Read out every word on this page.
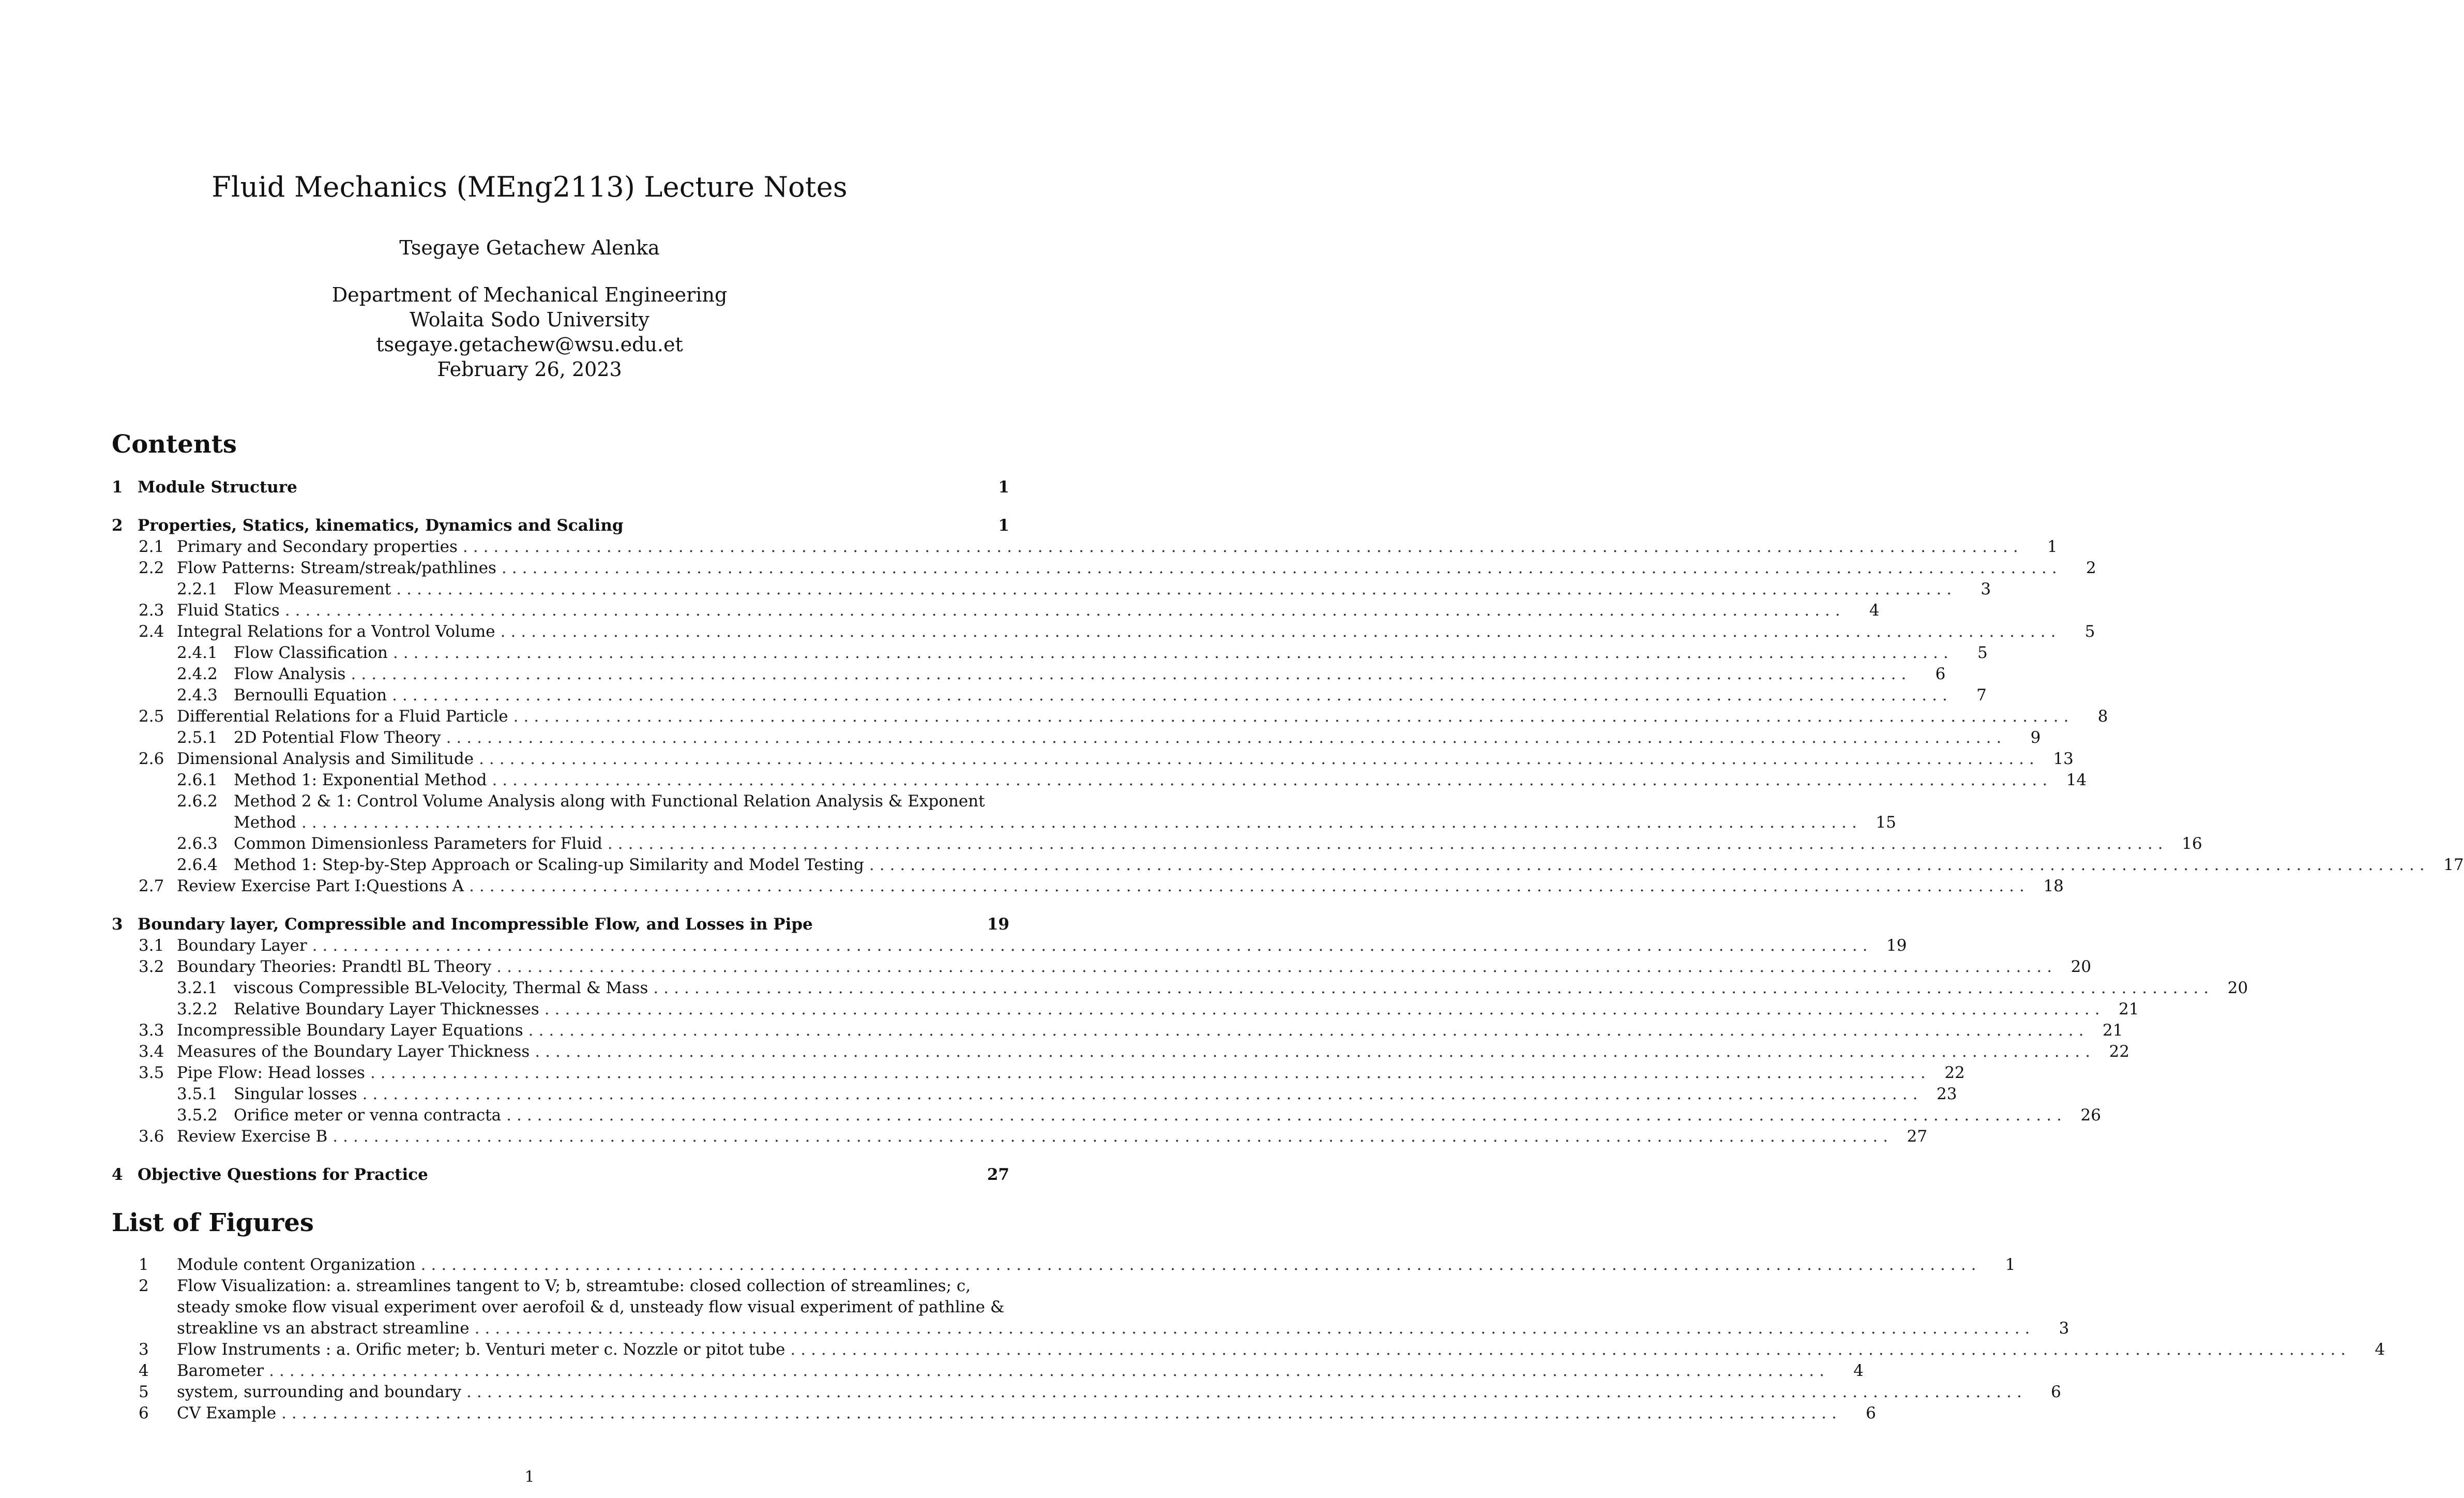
Fluid Mechanics (MEng2113) Lecture Notes
Tsegaye Getachew Alenka
Department of Mechanical Engineering
Wolaita Sodo University
tsegaye.getachew@wsu.edu.et
February 26, 2023
Contents
1 Module Structure	1
2 Properties, Statics, kinematics, Dynamics and Scaling	1
2.1 Primary and Secondary properties ........................................................................................................................................................	1
2.2 Flow Patterns: Stream/streak/pathlines ........................................................................................................................................................	2
2.2.1	Flow Measurement ........................................................................................................................................................	3
2.3 Fluid Statics ........................................................................................................................................................	4
2.4 Integral Relations for a Vontrol Volume ........................................................................................................................................................	5
2.4.1	Flow Classification ........................................................................................................................................................	5
2.4.2	Flow Analysis ........................................................................................................................................................	6
2.4.3	Bernoulli Equation ........................................................................................................................................................	7
2.5 Differential Relations for a Fluid Particle ........................................................................................................................................................	8
2.5.1	2D Potential Flow Theory ........................................................................................................................................................	9
2.6 Dimensional Analysis and Similitude ........................................................................................................................................................ 13
2.6.1	Method 1: Exponential Method ........................................................................................................................................................ 14
2.6.2	Method 2 & 1: Control Volume Analysis along with Functional Relation Analysis & Exponent
Method ........................................................................................................................................................ 15
2.6.3	Common Dimensionless Parameters for Fluid ........................................................................................................................................................ 16
2.6.4	Method 1: Step-by-Step Approach or Scaling-up Similarity and Model Testing ........................................................................................................................................................ 17
2.7 Review Exercise Part I:Questions A ........................................................................................................................................................ 18
3 Boundary layer, Compressible and Incompressible Flow, and Losses in Pipe	19
3.1 Boundary Layer ........................................................................................................................................................ 19
3.2 Boundary Theories: Prandtl BL Theory ........................................................................................................................................................ 20
3.2.1	viscous Compressible BL-Velocity, Thermal & Mass ........................................................................................................................................................ 20
3.2.2	Relative Boundary Layer Thicknesses ........................................................................................................................................................ 21
3.3 Incompressible Boundary Layer Equations ........................................................................................................................................................ 21
3.4 Measures of the Boundary Layer Thickness ........................................................................................................................................................ 22
3.5 Pipe Flow: Head losses ........................................................................................................................................................ 22
3.5.1	Singular losses ........................................................................................................................................................ 23
3.5.2	Orifice meter or venna contracta ........................................................................................................................................................ 26
3.6 Review Exercise B ........................................................................................................................................................ 27
4 Objective Questions for Practice	27
List of Figures
1	Module content Organization ........................................................................................................................................................	1
2	Flow Visualization: a. streamlines tangent to V; b, streamtube: closed collection of streamlines; c,
steady smoke flow visual experiment over aerofoil & d, unsteady flow visual experiment of pathline &
streakline vs an abstract streamline ........................................................................................................................................................	3
3	Flow Instruments : a. Orific meter; b. Venturi meter c. Nozzle or pitot tube ........................................................................................................................................................	4
4	Barometer ........................................................................................................................................................	4
5	system, surrounding and boundary ........................................................................................................................................................	6
6	CV Example ........................................................................................................................................................	6
1
